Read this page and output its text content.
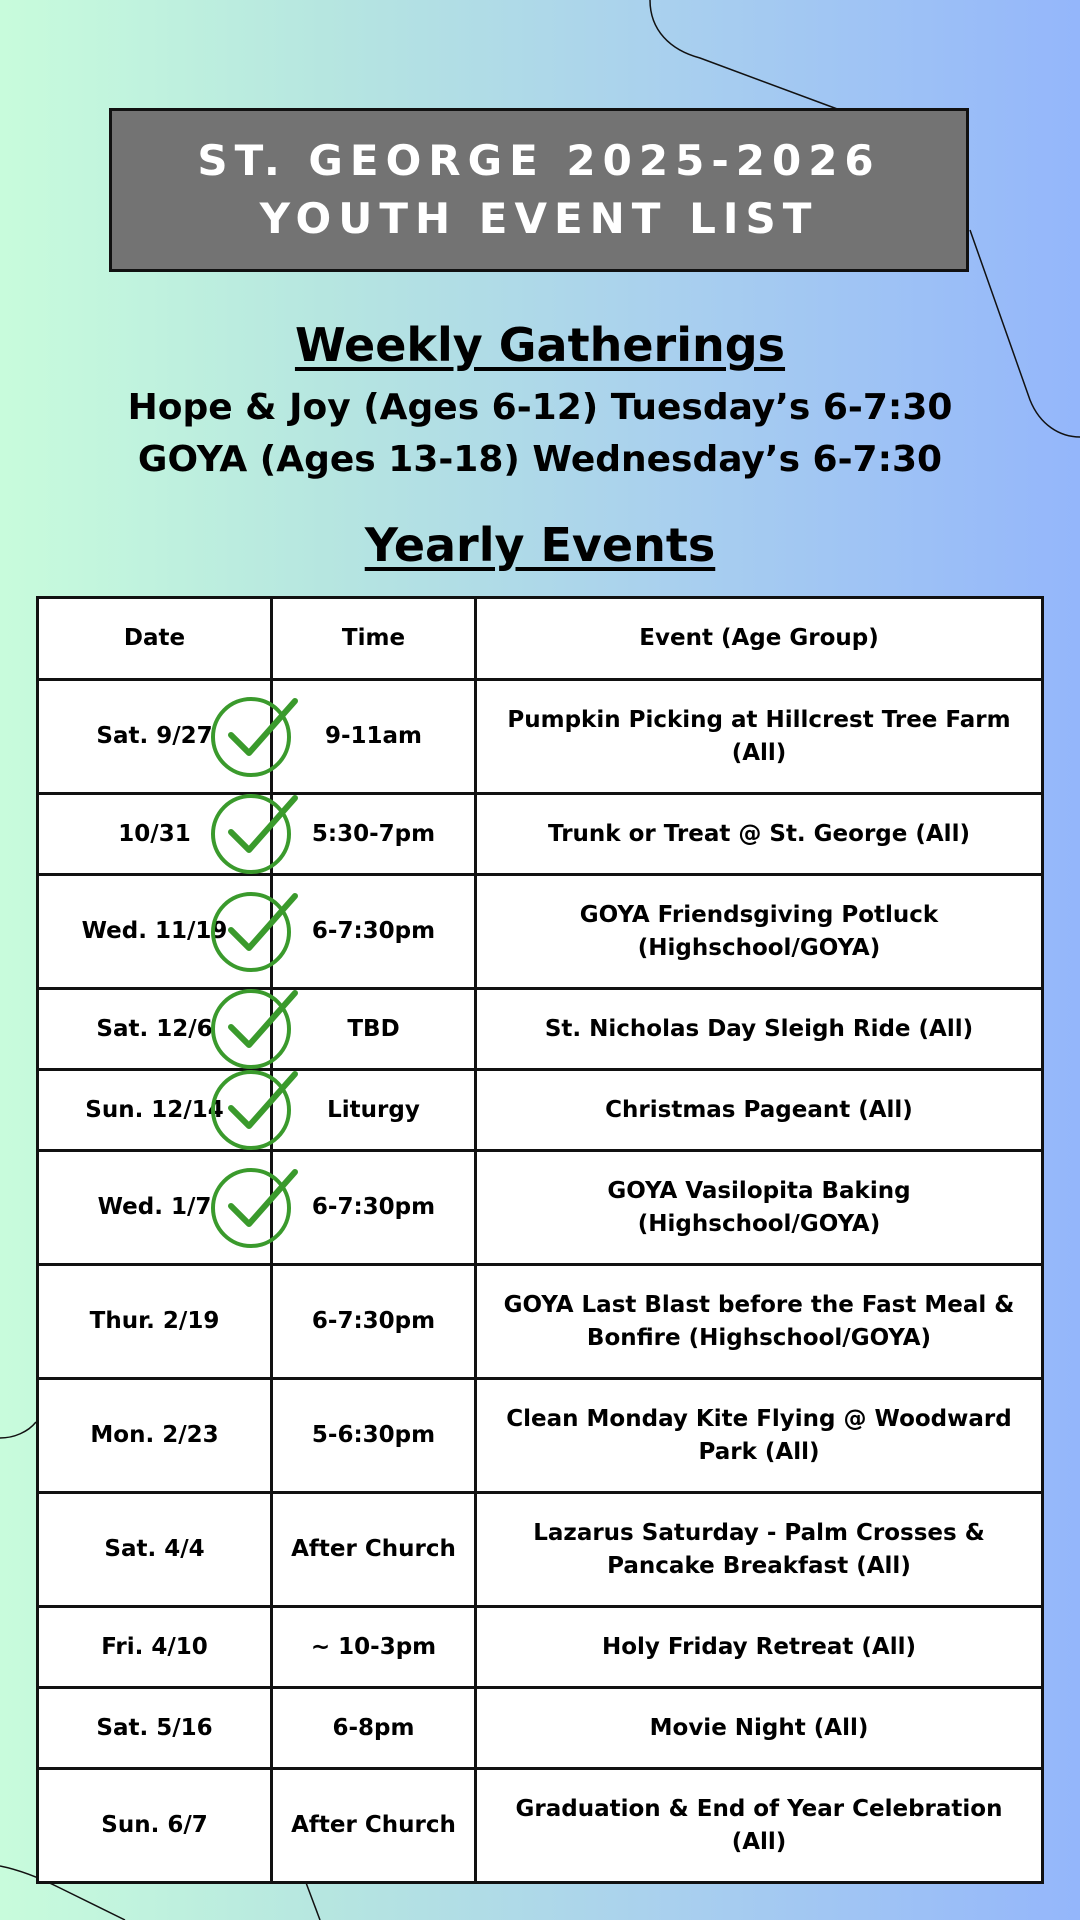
ST. GEORGE 2025-2026
YOUTH EVENT LIST
Weekly Gatherings
Hope & Joy (Ages 6-12) Tuesday’s 6-7:30
GOYA (Ages 13-18) Wednesday’s 6-7:30
Yearly Events
Date	Time	Event (Age Group)
Sat. 9/27	9-11am	Pumpkin Picking at Hillcrest Tree Farm (All)
10/31	5:30-7pm	Trunk or Treat @ St. George (All)
Wed. 11/19	6-7:30pm	GOYA Friendsgiving Potluck (Highschool/GOYA)
Sat. 12/6	TBD	St. Nicholas Day Sleigh Ride (All)
Sun. 12/14	Liturgy	Christmas Pageant (All)
Wed. 1/7	6-7:30pm	GOYA Vasilopita Baking (Highschool/GOYA)
Thur. 2/19	6-7:30pm	GOYA Last Blast before the Fast Meal & Bonfire (Highschool/GOYA)
Mon. 2/23	5-6:30pm	Clean Monday Kite Flying @ Woodward Park (All)
Sat. 4/4	After Church	Lazarus Saturday - Palm Crosses & Pancake Breakfast (All)
Fri. 4/10	~ 10-3pm	Holy Friday Retreat (All)
Sat. 5/16	6-8pm	Movie Night (All)
Sun. 6/7	After Church	Graduation & End of Year Celebration (All)
